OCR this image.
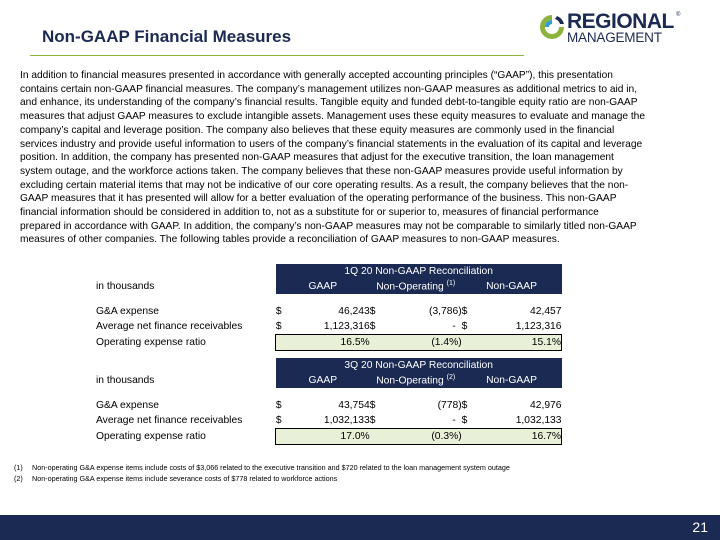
Non-GAAP Financial Measures
REGIONAL ®
MANAGEMENT
In addition to financial measures presented in accordance with generally accepted accounting principles (“GAAP”), this presentation
contains certain non-GAAP financial measures. The company’s management utilizes non-GAAP measures as additional metrics to aid in,
and enhance, its understanding of the company’s financial results. Tangible equity and funded debt-to-tangible equity ratio are non-GAAP
measures that adjust GAAP measures to exclude intangible assets. Management uses these equity measures to evaluate and manage the
company’s capital and leverage position. The company also believes that these equity measures are commonly used in the financial
services industry and provide useful information to users of the company’s financial statements in the evaluation of its capital and leverage
position. In addition, the company has presented non-GAAP measures that adjust for the executive transition, the loan management
system outage, and the workforce actions taken. The company believes that these non-GAAP measures provide useful information by
excluding certain material items that may not be indicative of our core operating results. As a result, the company believes that the non-
GAAP measures that it has presented will allow for a better evaluation of the operating performance of the business. This non-GAAP
financial information should be considered in addition to, not as a substitute for or superior to, measures of financial performance
prepared in accordance with GAAP. In addition, the company’s non-GAAP measures may not be comparable to similarly titled non-GAAP
measures of other companies. The following tables provide a reconciliation of GAAP measures to non-GAAP measures.
	1Q 20 Non-GAAP Reconciliation					
in thousands	GAAP		Non-Operating $^{(1)}$		Non-GAAP	

G&A expense	$	46,243	$	(3,786)	$	42,457
Average net finance receivables	$	1,123,316	$	-	$	1,123,316
Operating expense ratio		16.5%		(1.4%)		15.1%
	3Q 20 Non-GAAP Reconciliation					
in thousands	GAAP		Non-Operating $^{(2)}$		Non-GAAP	

G&A expense	$	43,754	$	(778)	$	42,976
Average net finance receivables	$	1,032,133	$	-	$	1,032,133
Operating expense ratio		17.0%		(0.3%)		16.7%
(1) Non-operating G&A expense items include costs of $3,066 related to the executive transition and $720 related to the loan management system outage
(2) Non-operating G&A expense items include severance costs of $778 related to workforce actions
21
